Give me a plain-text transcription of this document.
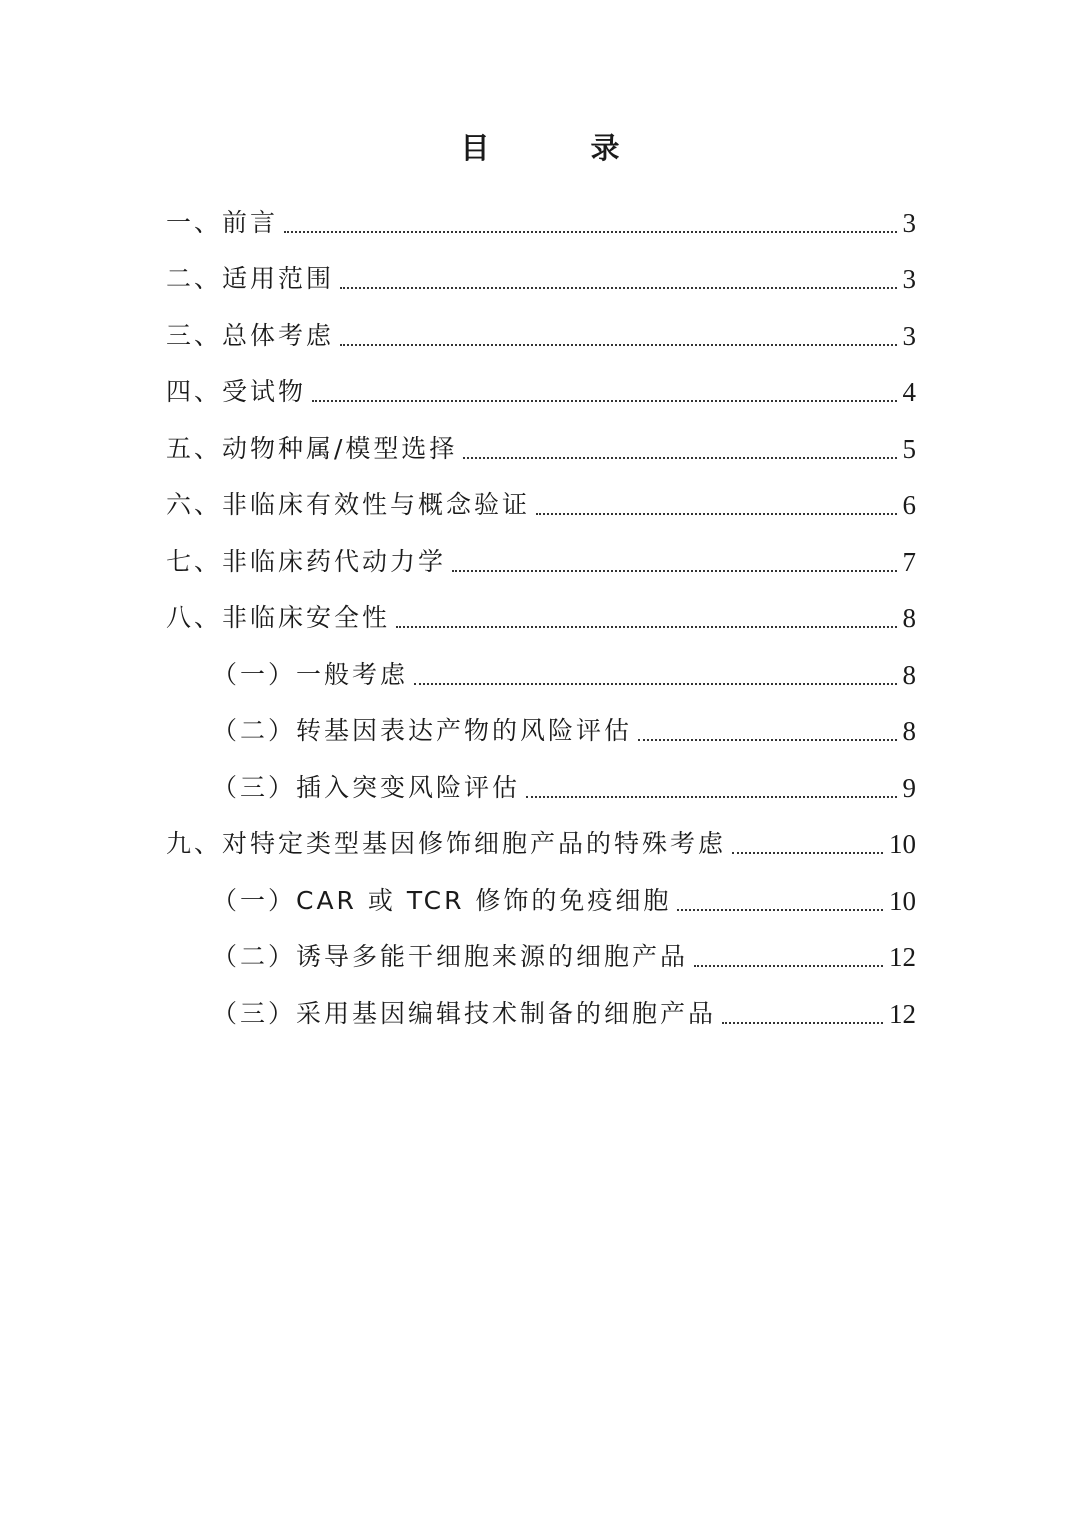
目　录
一、前言	3
二、适用范围	3
三、总体考虑	3
四、受试物	4
五、动物种属/模型选择	5
六、非临床有效性与概念验证	6
七、非临床药代动力学	7
八、非临床安全性	8
（一）一般考虑	8
（二）转基因表达产物的风险评估	8
（三）插入突变风险评估	9
九、对特定类型基因修饰细胞产品的特殊考虑	10
（一）CAR 或 TCR 修饰的免疫细胞	10
（二）诱导多能干细胞来源的细胞产品	12
（三）采用基因编辑技术制备的细胞产品	12
